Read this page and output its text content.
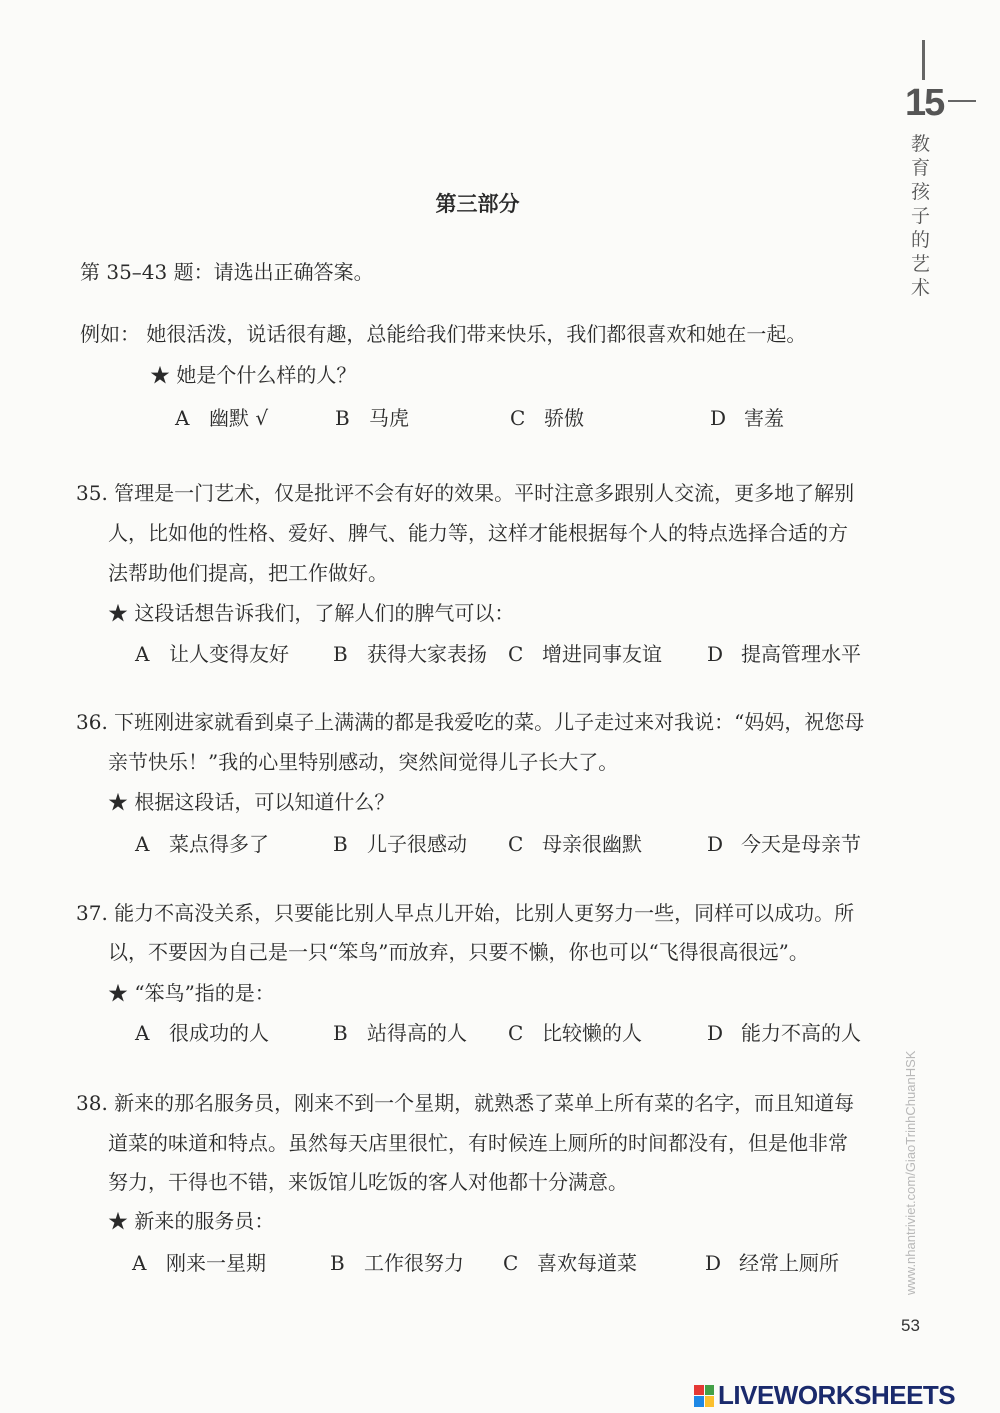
15
教育孩子的艺术
第三部分
第 35–43 题：请选出正确答案。
例如： 她很活泼，说话很有趣，总能给我们带来快乐，我们都很喜欢和她在一起。
★ 她是个什么样的人？
A 幽默 √	B 马虎	C 骄傲	D 害羞
35. 管理是一门艺术，仅是批评不会有好的效果。平时注意多跟别人交流，更多地了解别
人，比如他的性格、爱好、脾气、能力等，这样才能根据每个人的特点选择合适的方
法帮助他们提高，把工作做好。
★ 这段话想告诉我们，了解人们的脾气可以：
A 让人变得友好 B 获得大家表扬 C 增进同事友谊 D 提高管理水平
36. 下班刚进家就看到桌子上满满的都是我爱吃的菜。儿子走过来对我说：“妈妈，祝您母
亲节快乐！”我的心里特别感动，突然间觉得儿子长大了。
★ 根据这段话，可以知道什么？
A 菜点得多了	B 儿子很感动 C 母亲很幽默	D 今天是母亲节
37. 能力不高没关系，只要能比别人早点儿开始，比别人更努力一些，同样可以成功。所
以，不要因为自己是一只“笨鸟”而放弃，只要不懒，你也可以“飞得很高很远”。
★ “笨鸟”指的是：
A 很成功的人	B 站得高的人 C 比较懒的人	D 能力不高的人
38. 新来的那名服务员，刚来不到一个星期，就熟悉了菜单上所有菜的名字，而且知道每
道菜的味道和特点。虽然每天店里很忙，有时候连上厕所的时间都没有，但是他非常
努力，干得也不错，来饭馆儿吃饭的客人对他都十分满意。
★ 新来的服务员：
A 刚来一星期	B 工作很努力 C 喜欢每道菜	D 经常上厕所	www.nhantriviet.com/GiaoTrinhChuanHSK
53
LIVEWORKSHEETS
